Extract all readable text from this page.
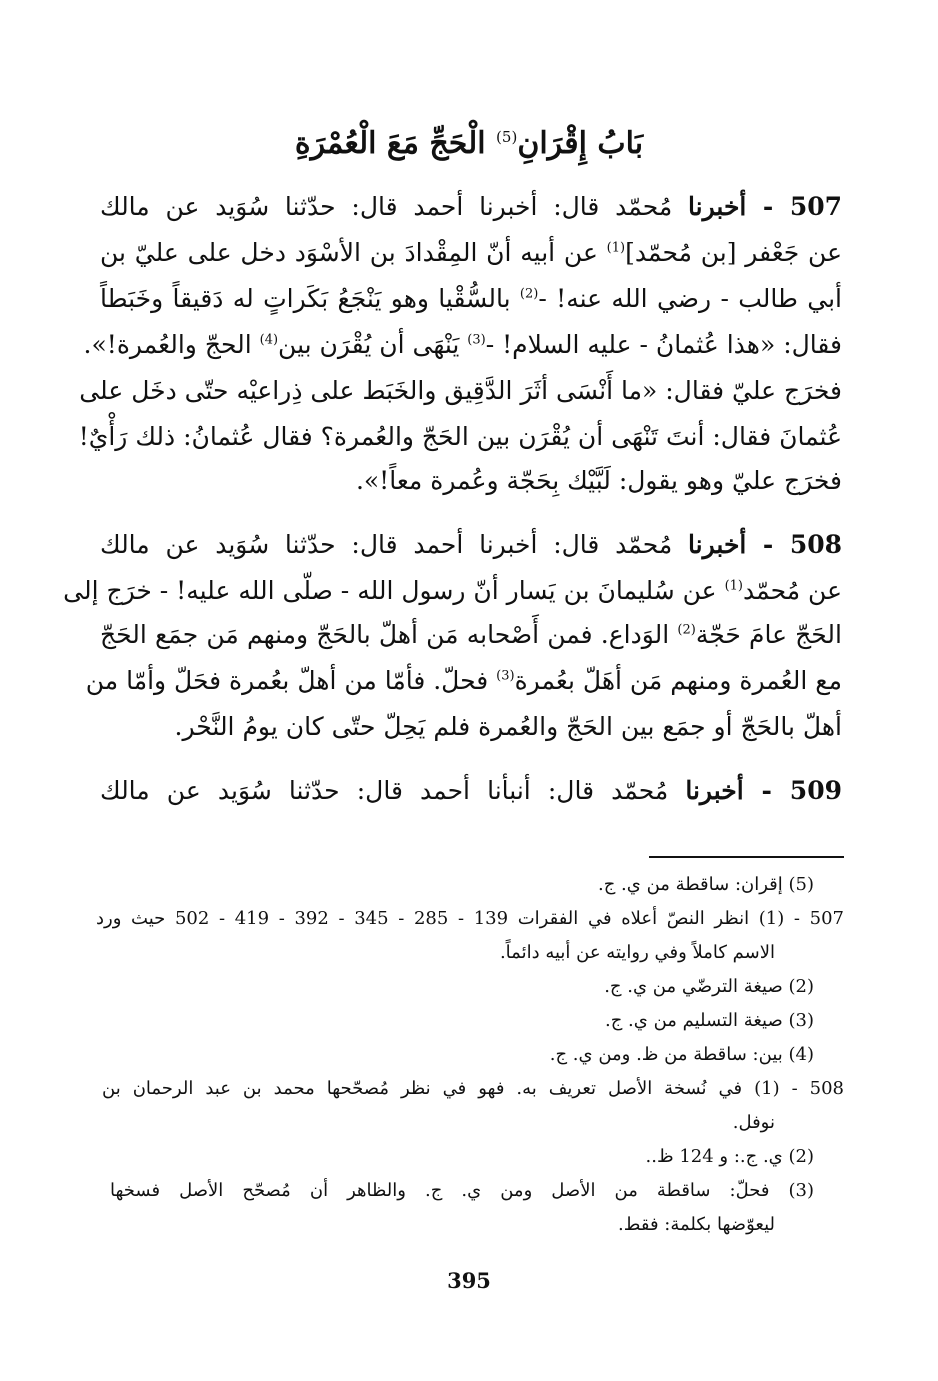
بَابُ إِقْرَانِ$^{(5)}$ الْحَجِّ مَعَ الْعُمْرَةِ
507 - أخبرنا مُحمّد قال: أخبرنا أحمد قال: حدّثنا سُوَيد عن مالك
عن جَعْفر [بن مُحمّد]$^{(1)}$ عن أبيه أنّ المِقْدادَ بن الأسْوَد دخل على عليّ بن
أبي طالب - رضي الله عنه! -$^{(2)}$ بالسُّقْيا وهو يَنْجَعُ بَكَراتٍ له دَقيقاً وخَبَطاً
فقال: «هذا عُثمانُ - عليه السلام! -$^{(3)}$ يَنْهَى أن يُقْرَن بين$^{(4)}$ الحجّ والعُمرة!».
فخرَج عليّ فقال: «ما أَنْسَى أثَرَ الدَّقِيق والخَبَط على ذِراعيْه حتّى دخَل على
عُثمانَ فقال: أنتَ تَنْهَى أن يُقْرَن بين الحَجّ والعُمرة؟ فقال عُثمانُ: ذلك رَأْيٌ!
فخرَج عليّ وهو يقول: لَبَّيْك بِحَجّة وعُمرة معاً!».
508 - أخبرنا مُحمّد قال: أخبرنا أحمد قال: حدّثنا سُوَيد عن مالك
عن مُحمّد$^{(1)}$ عن سُليمانَ بن يَسار أنّ رسول الله - صلّى الله عليه! - خرَج إلى
الحَجّ عامَ حَجّة$^{(2)}$ الوَداع. فمن أَصْحابه مَن أهلّ بالحَجّ ومنهم مَن جمَع الحَجّ
مع العُمرة ومنهم مَن أهَلّ بعُمرة$^{(3)}$ فحلّ. فأمّا من أهلّ بعُمرة فحَلّ وأمّا من
أهلّ بالحَجّ أو جمَع بين الحَجّ والعُمرة فلم يَحِلّ حتّى كان يومُ النَّحْر.
509 - أخبرنا مُحمّد قال: أنبأنا أحمد قال: حدّثنا سُوَيد عن مالك
(5) إقران: ساقطة من ي. ج.
507 - (1) انظر النصّ أعلاه في الفقرات 139 - 285 - 345 - 392 - 419 - 502 حيث ورد
الاسم كاملاً وفي روايته عن أبيه دائماً.
(2) صيغة الترضّي من ي. ج.
(3) صيغة التسليم من ي. ج.
(4) بين: ساقطة من ظ. ومن ي. ج.
508 - (1) في نُسخة الأصل تعريف به. فهو في نظر مُصحّحها محمد بن عبد الرحمان بن
نوفل.
(2) ي. ج.: و 124 ظ..
(3) فحلّ: ساقطة من الأصل ومن ي. ج. والظاهر أن مُصحّح الأصل فسخها
ليعوّضها بكلمة: فقط.
395
